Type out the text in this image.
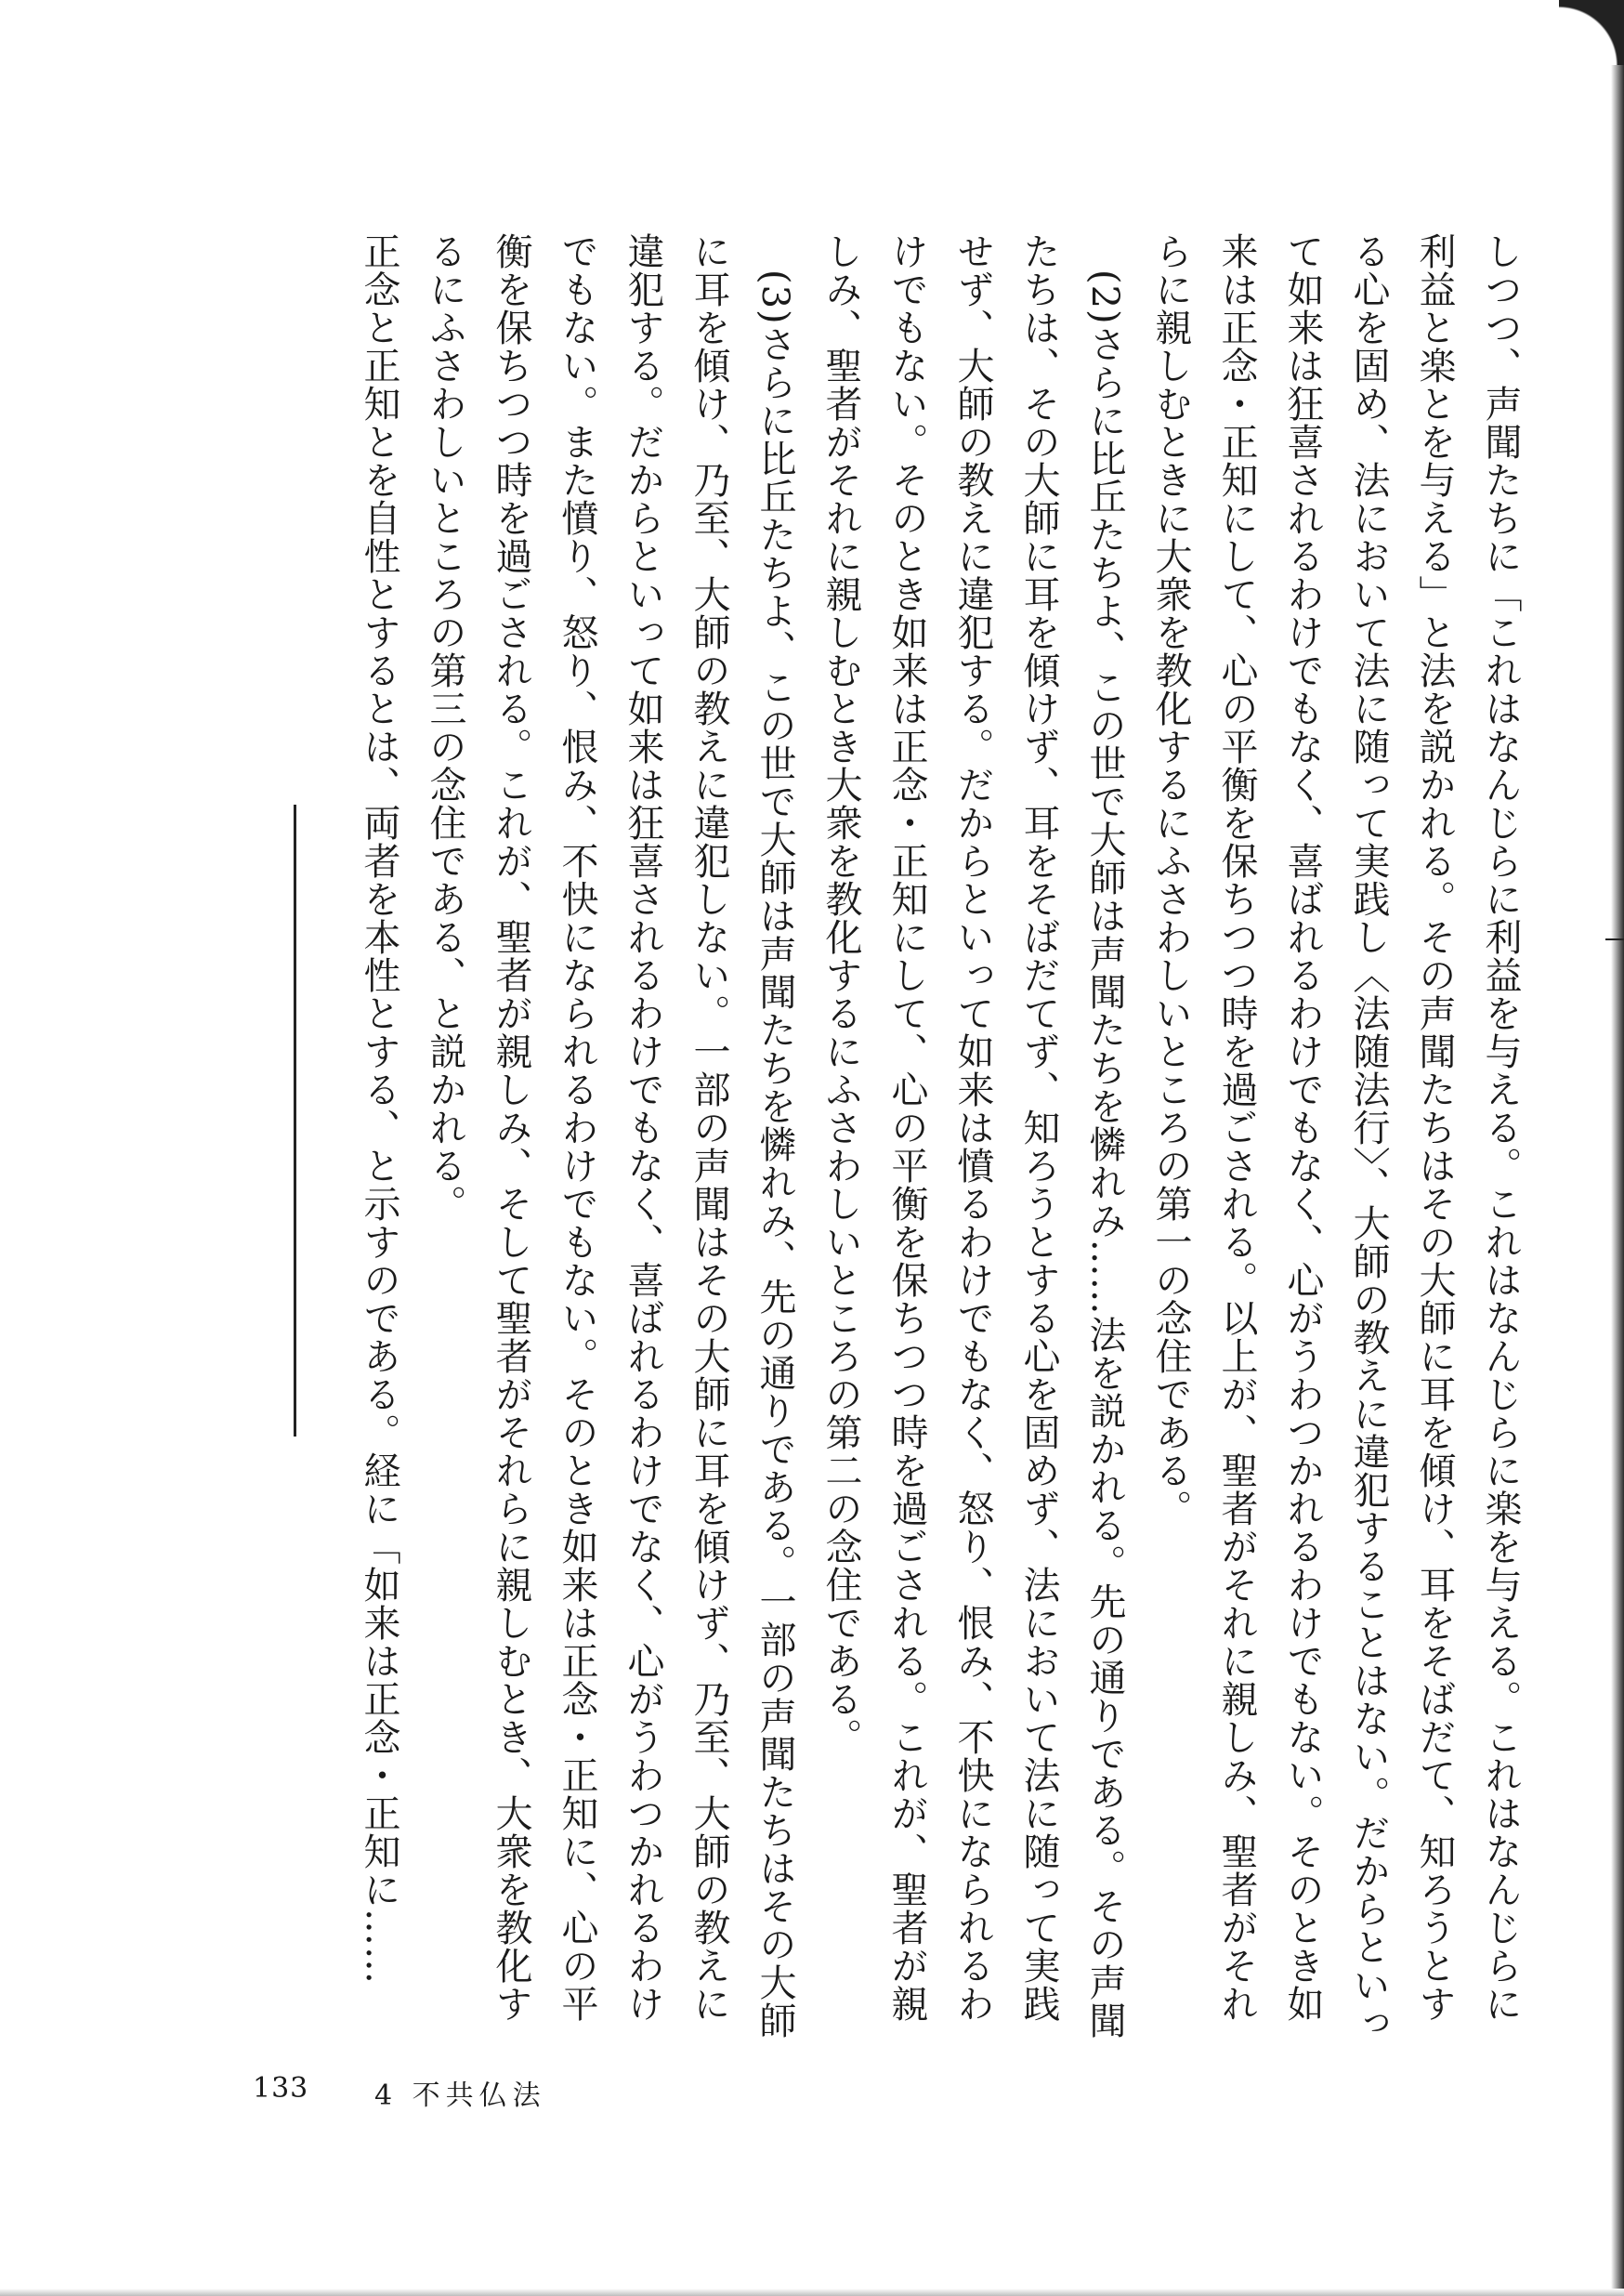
しつつ、声聞たちに「これはなんじらに利益を与える。これはなんじらに楽を与える。これはなんじらに利益と楽とを与える」と法を説かれる。その声聞たちはその大師に耳を傾け、耳をそばだて、知ろうとする心を固め、法において法に随って実践し〈法随法行〉、大師の教えに違犯することはない。だからといって如来は狂喜されるわけでもなく、喜ばれるわけでもなく、心がうわつかれるわけでもない。そのとき如来は正念・正知にして、心の平衡を保ちつつ時を過ごされる。以上が、聖者がそれに親しみ、聖者がそれらに親しむときに大衆を教化するにふさわしいところの第一の念住である。

(2)さらに比丘たちよ、この世で大師は声聞たちを憐れみ……法を説かれる。先の通りである。その声聞たちは、その大師に耳を傾けず、耳をそばだてず、知ろうとする心を固めず、法において法に随って実践せず、大師の教えに違犯する。だからといって如来は憤るわけでもなく、怒り、恨み、不快になられるわけでもない。そのとき如来は正念・正知にして、心の平衡を保ちつつ時を過ごされる。これが、聖者が親しみ、聖者がそれに親しむとき大衆を教化するにふさわしいところの第二の念住である。

(3)さらに比丘たちよ、この世で大師は声聞たちを憐れみ、先の通りである。一部の声聞たちはその大師に耳を傾け、乃至、大師の教えに違犯しない。一部の声聞はその大師に耳を傾けず、乃至、大師の教えに違犯する。だからといって如来は狂喜されるわけでもなく、喜ばれるわけでなく、心がうわつかれるわけでもない。また憤り、怒り、恨み、不快になられるわけでもない。そのとき如来は正念・正知に、心の平衡を保ちつつ時を過ごされる。これが、聖者が親しみ、そして聖者がそれらに親しむとき、大衆を教化するにふさわしいところの第三の念住である、と説かれる。

正念と正知とを自性とするとは、両者を本性とする、と示すのである。経に「如来は正念・正知に……

133 4 不共仏法
